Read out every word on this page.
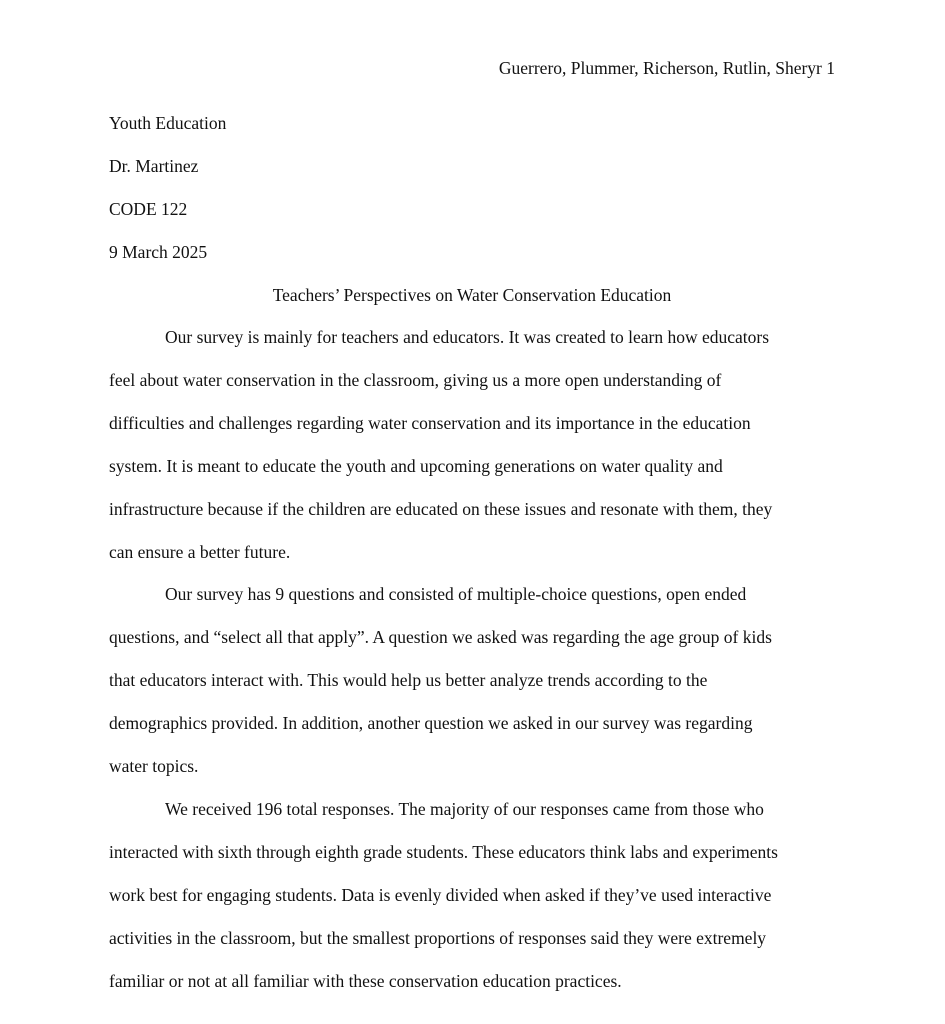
Guerrero, Plummer, Richerson, Rutlin, Sheryr 1
Youth Education
Dr. Martinez
CODE 122
9 March 2025
Teachers’ Perspectives on Water Conservation Education

Our survey is mainly for teachers and educators. It was created to learn how educators
feel about water conservation in the classroom, giving us a more open understanding of
difficulties and challenges regarding water conservation and its importance in the education
system. It is meant to educate the youth and upcoming generations on water quality and
infrastructure because if the children are educated on these issues and resonate with them, they
can ensure a better future.

Our survey has 9 questions and consisted of multiple-choice questions, open ended
questions, and “select all that apply”. A question we asked was regarding the age group of kids
that educators interact with. This would help us better analyze trends according to the
demographics provided. In addition, another question we asked in our survey was regarding
water topics.

We received 196 total responses. The majority of our responses came from those who
interacted with sixth through eighth grade students. These educators think labs and experiments
work best for engaging students. Data is evenly divided when asked if they’ve used interactive
activities in the classroom, but the smallest proportions of responses said they were extremely
familiar or not at all familiar with these conservation education practices.
